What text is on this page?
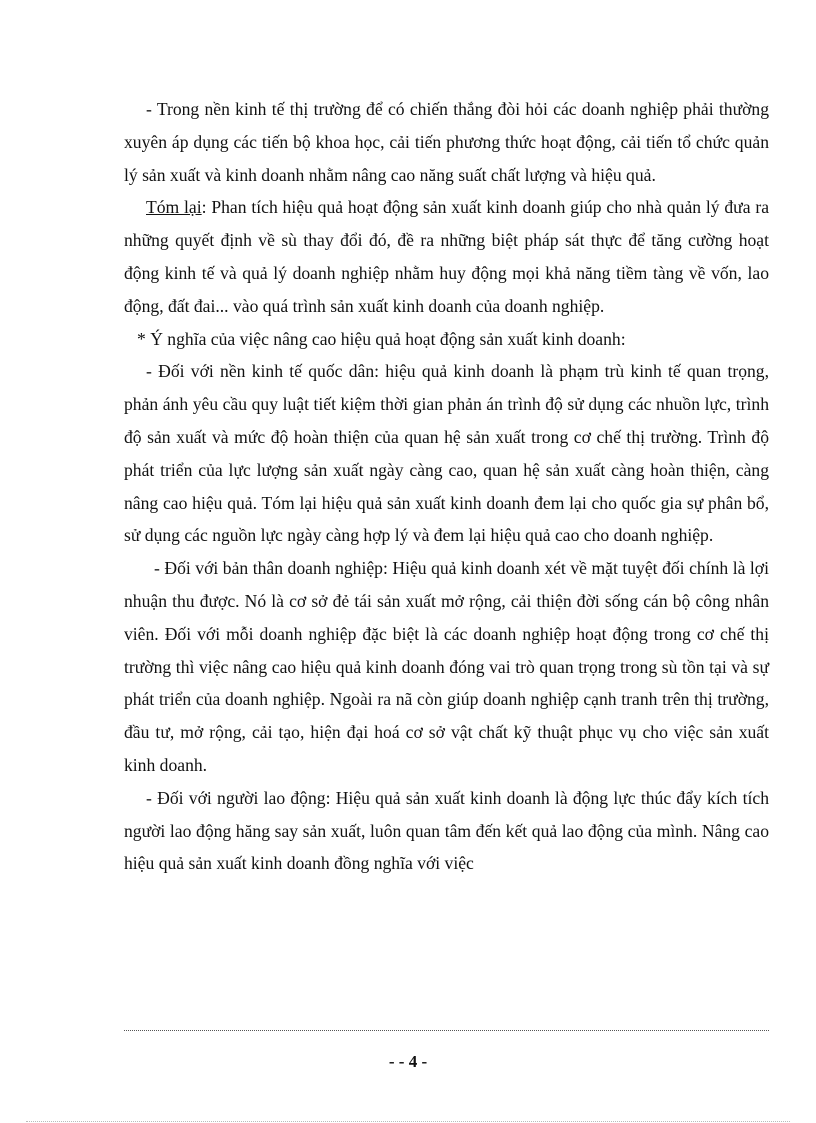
- Trong nền kinh tế thị trường để có chiến thắng đòi hỏi các doanh nghiệp phải thường xuyên áp dụng các tiến bộ khoa học, cải tiến phương thức hoạt động, cải tiến tổ chức quản lý sản xuất và kinh doanh nhằm nâng cao năng suất chất lượng và hiệu quả.

Tóm lại: Phan tích hiệu quả hoạt động sản xuất kinh doanh giúp cho nhà quản lý đưa ra những quyết định về sù thay đổi đó, đề ra những biệt pháp sát thực để tăng cường hoạt động kinh tế và quả lý doanh nghiệp nhằm huy động mọi khả năng tiềm tàng về vốn, lao động, đất đai... vào quá trình sản xuất kinh doanh của doanh nghiệp.

* Ý nghĩa của việc nâng cao hiệu quả hoạt động sản xuất kinh doanh:

- Đối với nền kinh tế quốc dân: hiệu quả kinh doanh là phạm trù kinh tế quan trọng, phản ánh yêu cầu quy luật tiết kiệm thời gian phản án trình độ sử dụng các nhuồn lực, trình độ sản xuất và mức độ hoàn thiện của quan hệ sản xuất trong cơ chế thị trường. Trình độ phát triển của lực lượng sản xuất ngày càng cao, quan hệ sản xuất càng hoàn thiện, càng nâng cao hiệu quả. Tóm lại hiệu quả sản xuất kinh doanh đem lại cho quốc gia sự phân bổ, sử dụng các nguồn lực ngày càng hợp lý và đem lại hiệu quả cao cho doanh nghiệp.

- Đối với bản thân doanh nghiệp: Hiệu quả kinh doanh xét về mặt tuyệt đối chính là lợi nhuận thu được. Nó là cơ sở đẻ tái sản xuất mở rộng, cải thiện đời sống cán bộ công nhân viên. Đối với mỗi doanh nghiệp đặc biệt là các doanh nghiệp hoạt động trong cơ chế thị trường thì việc nâng cao hiệu quả kinh doanh đóng vai trò quan trọng trong sù tồn tại và sự phát triển của doanh nghiệp. Ngoài ra nã còn giúp doanh nghiệp cạnh tranh trên thị trường, đầu tư, mở rộng, cải tạo, hiện đại hoá cơ sở vật chất kỹ thuật phục vụ cho việc sản xuất kinh doanh.

- Đối với người lao động: Hiệu quả sản xuất kinh doanh là động lực thúc đẩy kích tích người lao động hăng say sản xuất, luôn quan tâm đến kết quả lao động của mình. Nâng cao hiệu quả sản xuất kinh doanh đồng nghĩa với việc

- - 4 -
